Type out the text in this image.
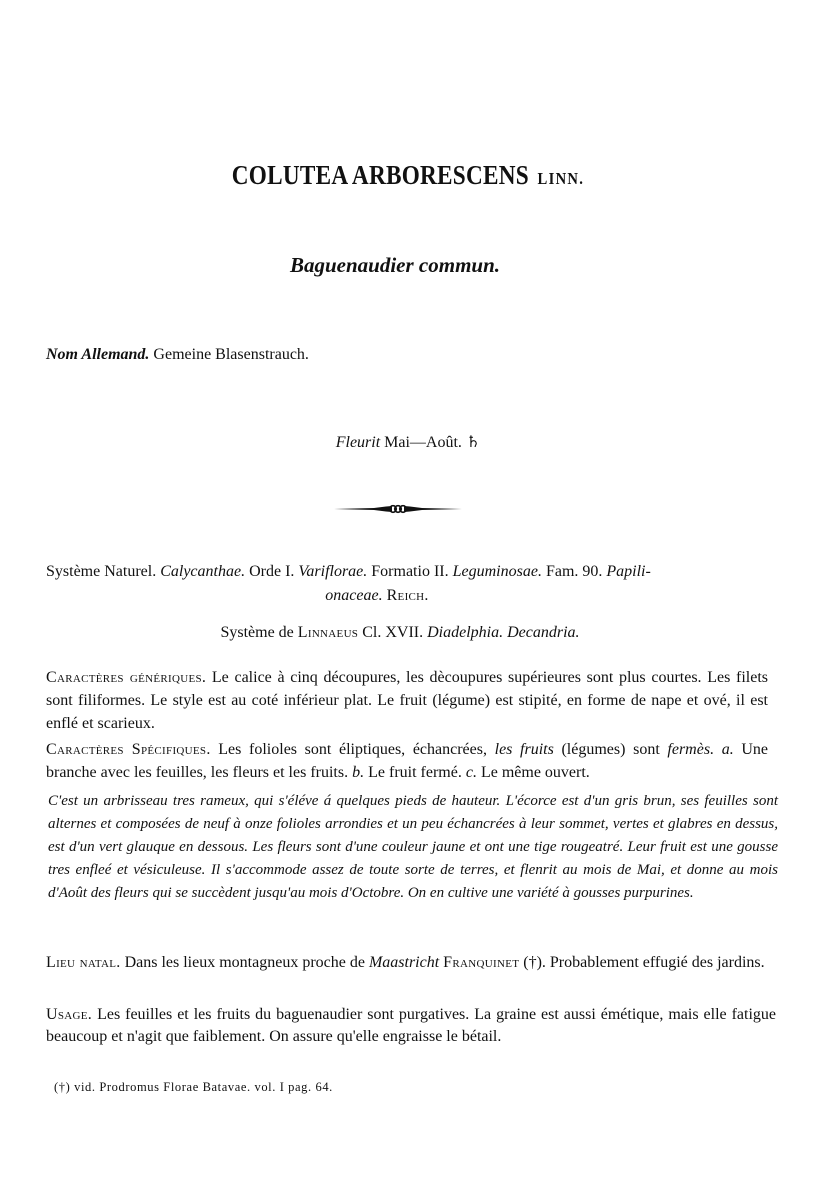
COLUTEA ARBORESCENS LINN.
Baguenaudier commun.
Nom Allemand. Gemeine Blasenstrauch.
Fleurit Mai—Août. ♄
Système Naturel. Calycanthae. Orde I. Variflorae. Formatio II. Leguminosae. Fam. 90. Papili-
onaceae. Reich.
Système de Linnaeus Cl. XVII. Diadelphia. Decandria.
Caractères génériques. Le calice à cinq découpures, les dècoupures supérieures sont plus courtes. Les filets sont filiformes. Le style est au coté inférieur plat. Le fruit (légume) est stipité, en forme de nape et ové, il est enflé et scarieux.
Caractères Spécifiques. Les folioles sont éliptiques, échancrées, les fruits (légumes) sont fermès. a. Une branche avec les feuilles, les fleurs et les fruits. b. Le fruit fermé. c. Le même ouvert.
C'est un arbrisseau tres rameux, qui s'éléve á quelques pieds de hauteur. L'écorce est d'un gris brun, ses feuilles sont alternes et composées de neuf à onze folioles arrondies et un peu échancrées à leur sommet, vertes et glabres en dessus, est d'un vert glauque en dessous. Les fleurs sont d'une couleur jaune et ont une tige rougeatré. Leur fruit est une gousse tres enfleé et vésiculeuse. Il s'accommode assez de toute sorte de terres, et flenrit au mois de Mai, et donne au mois d'Août des fleurs qui se succèdent jusqu'au mois d'Octobre. On en cultive une variété à gousses purpurines.
Lieu natal. Dans les lieux montagneux proche de Maastricht Franquinet (†). Probablement effugié des jardins.
Usage. Les feuilles et les fruits du baguenaudier sont purgatives. La graine est aussi émétique, mais elle fatigue beaucoup et n'agit que faiblement. On assure qu'elle engraisse le bétail.
(†) vid. Prodromus Florae Batavae. vol. I pag. 64.
